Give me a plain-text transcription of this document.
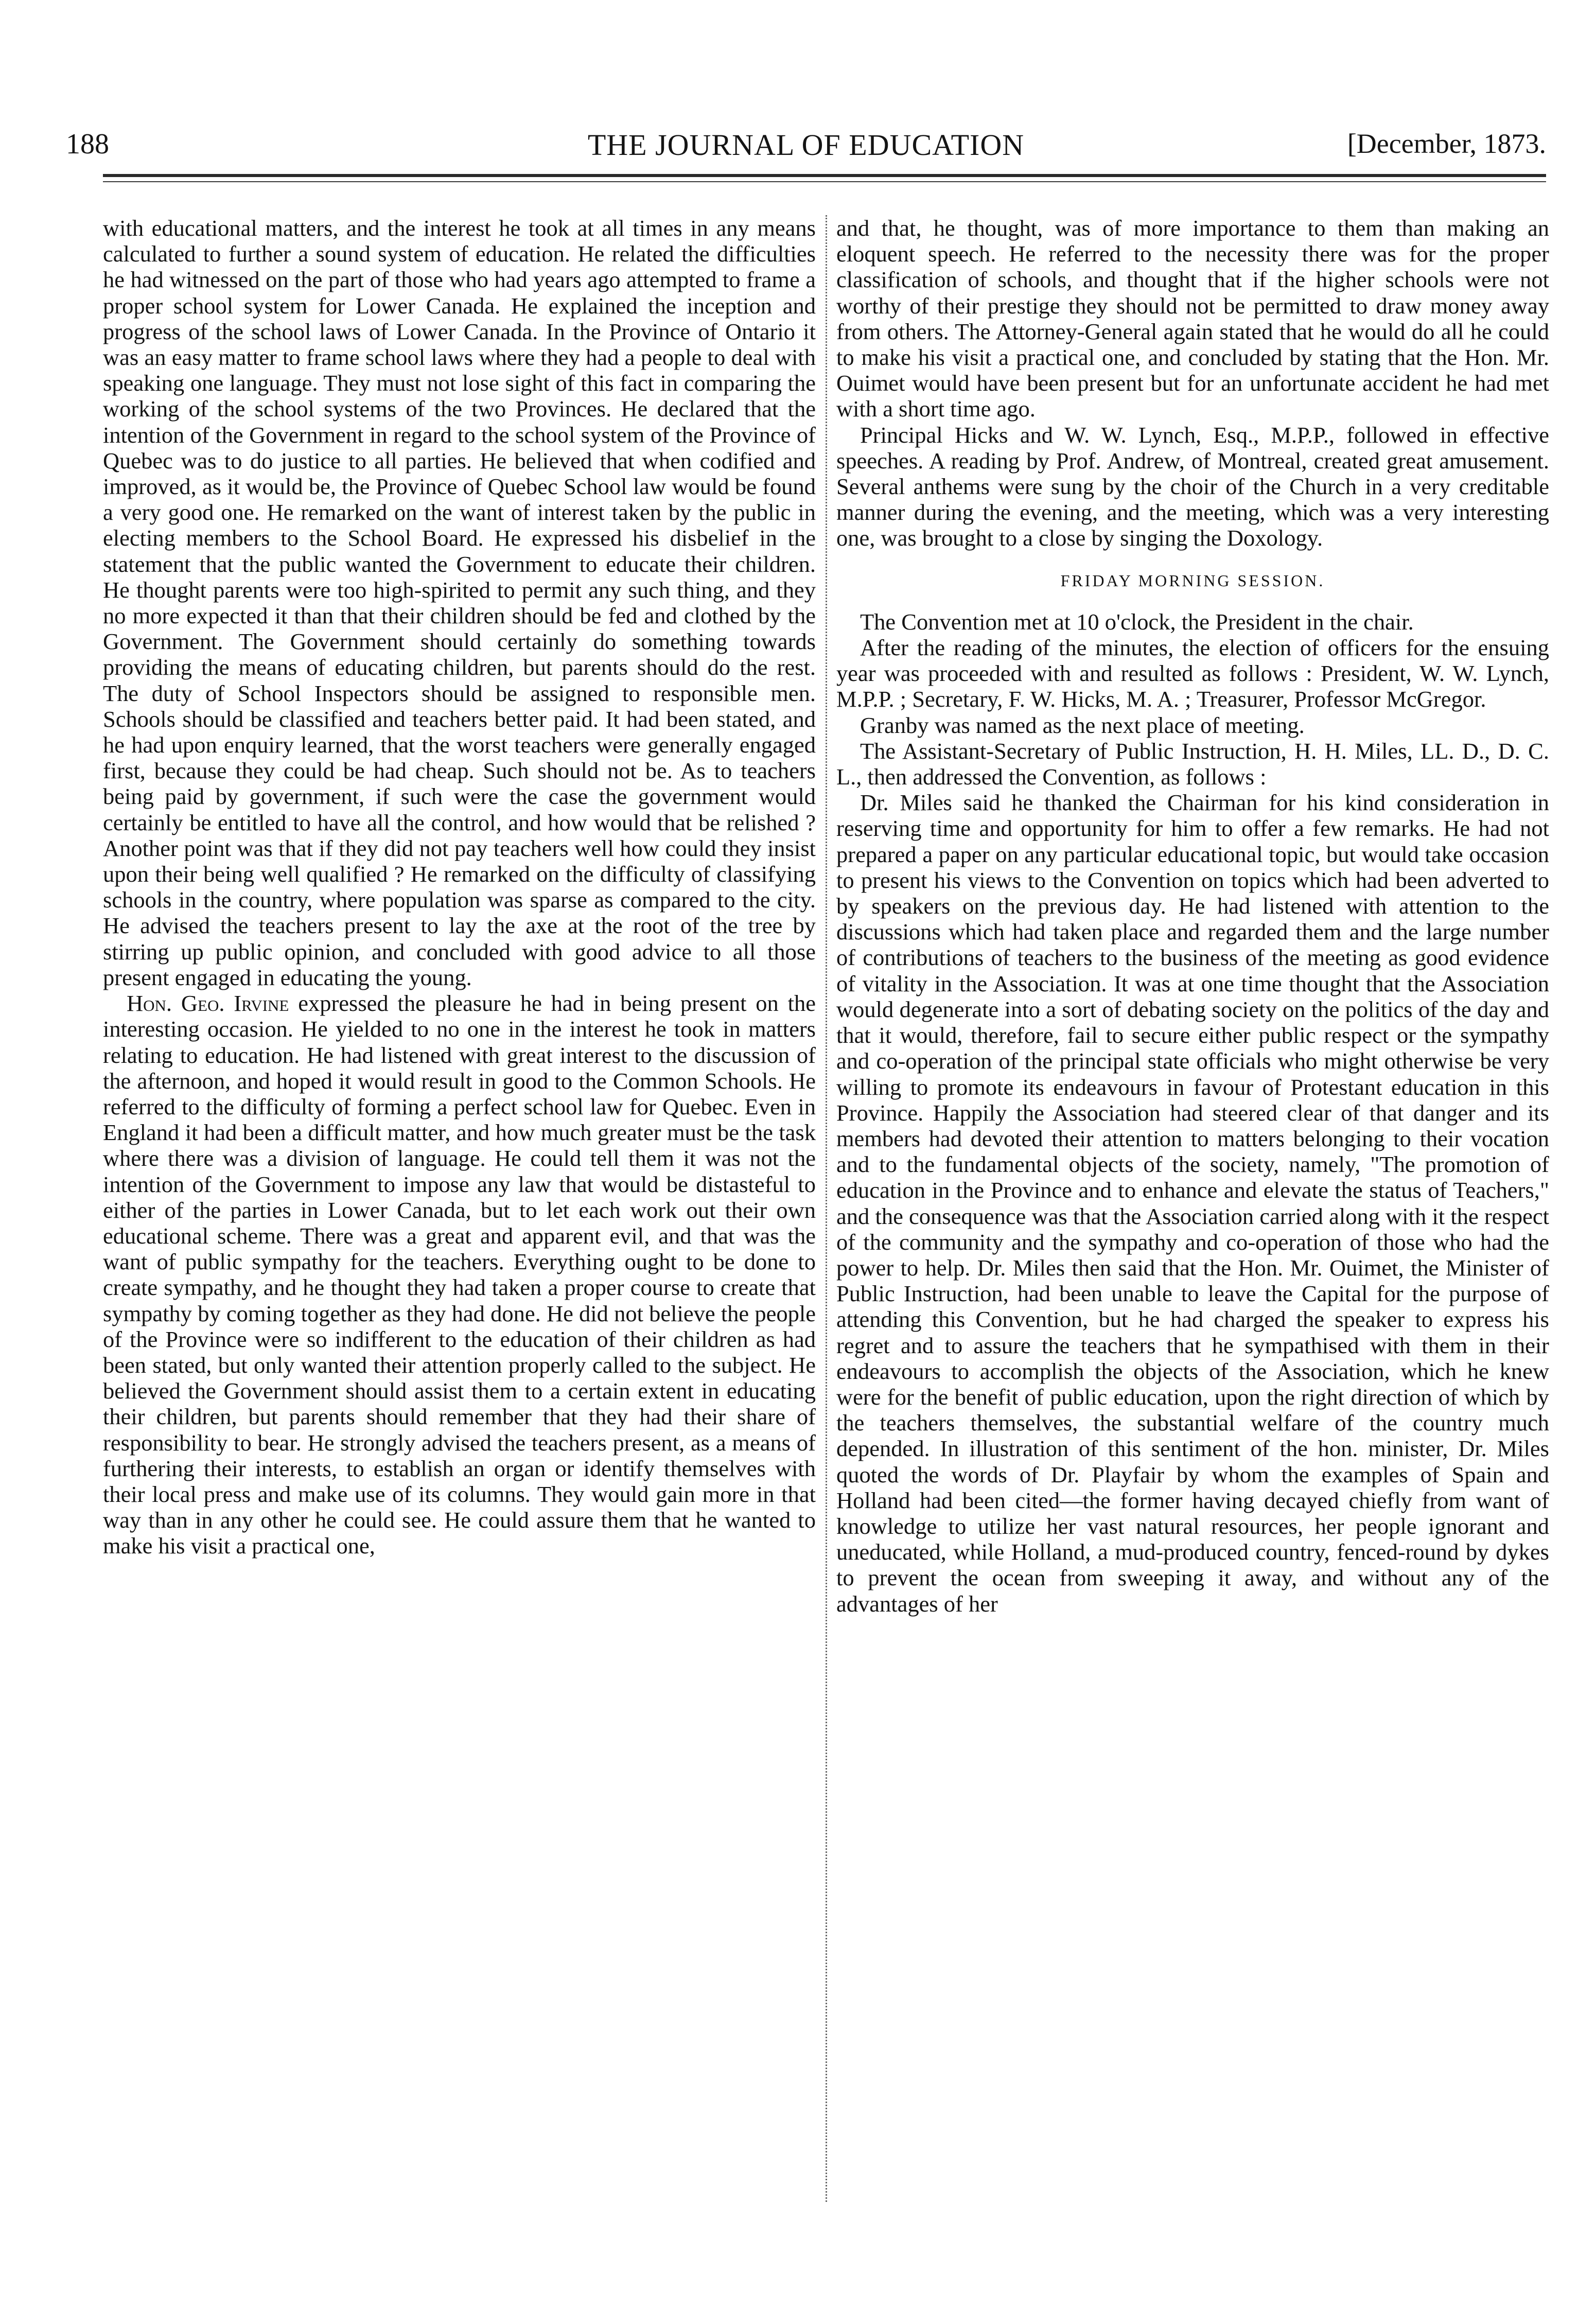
188	THE JOURNAL OF EDUCATION	[December, 1873.

with educational matters, and the interest he took at all times in any means calculated to further a sound system of education. He related the difficulties he had witnessed on the part of those who had years ago attempted to frame a proper school system for Lower Canada. He explained the inception and progress of the school laws of Lower Canada. In the Province of Ontario it was an easy matter to frame school laws where they had a people to deal with speaking one language. They must not lose sight of this fact in comparing the working of the school systems of the two Provinces. He declared that the intention of the Government in regard to the school system of the Province of Quebec was to do justice to all parties. He believed that when codified and improved, as it would be, the Province of Quebec School law would be found a very good one. He remarked on the want of interest taken by the public in electing members to the School Board. He expressed his disbelief in the statement that the public wanted the Government to educate their children. He thought parents were too high-spirited to permit any such thing, and they no more expected it than that their children should be fed and clothed by the Government. The Government should certainly do something towards providing the means of educating children, but parents should do the rest. The duty of School Inspectors should be assigned to responsible men. Schools should be classified and teachers better paid. It had been stated, and he had upon enquiry learned, that the worst teachers were generally engaged first, because they could be had cheap. Such should not be. As to teachers being paid by government, if such were the case the government would certainly be entitled to have all the control, and how would that be relished ? Another point was that if they did not pay teachers well how could they insist upon their being well qualified ? He remarked on the difficulty of classifying schools in the country, where population was sparse as compared to the city. He advised the teachers present to lay the axe at the root of the tree by stirring up public opinion, and concluded with good advice to all those present engaged in educating the young.

Hon. Geo. Irvine expressed the pleasure he had in being present on the interesting occasion. He yielded to no one in the interest he took in matters relating to education. He had listened with great interest to the discussion of the afternoon, and hoped it would result in good to the Common Schools. He referred to the difficulty of forming a perfect school law for Quebec. Even in England it had been a difficult matter, and how much greater must be the task where there was a division of language. He could tell them it was not the intention of the Government to impose any law that would be distasteful to either of the parties in Lower Canada, but to let each work out their own educational scheme. There was a great and apparent evil, and that was the want of public sympathy for the teachers. Everything ought to be done to create sympathy, and he thought they had taken a proper course to create that sympathy by coming together as they had done. He did not believe the people of the Province were so indifferent to the education of their children as had been stated, but only wanted their attention properly called to the subject. He believed the Government should assist them to a certain extent in educating their children, but parents should remember that they had their share of responsibility to bear. He strongly advised the teachers present, as a means of furthering their interests, to establish an organ or identify themselves with their local press and make use of its columns. They would gain more in that way than in any other he could see. He could assure them that he wanted to make his visit a practical one,

and that, he thought, was of more importance to them than making an eloquent speech. He referred to the necessity there was for the proper classification of schools, and thought that if the higher schools were not worthy of their prestige they should not be permitted to draw money away from others. The Attorney-General again stated that he would do all he could to make his visit a practical one, and concluded by stating that the Hon. Mr. Ouimet would have been present but for an unfortunate accident he had met with a short time ago.

Principal Hicks and W. W. Lynch, Esq., M.P.P., followed in effective speeches. A reading by Prof. Andrew, of Montreal, created great amusement. Several anthems were sung by the choir of the Church in a very creditable manner during the evening, and the meeting, which was a very interesting one, was brought to a close by singing the Doxology.

FRIDAY MORNING SESSION.

The Convention met at 10 o'clock, the President in the chair.

After the reading of the minutes, the election of officers for the ensuing year was proceeded with and resulted as follows : President, W. W. Lynch, M.P.P. ; Secretary, F. W. Hicks, M. A. ; Treasurer, Professor McGregor.

Granby was named as the next place of meeting.

The Assistant-Secretary of Public Instruction, H. H. Miles, LL. D., D. C. L., then addressed the Convention, as follows :

Dr. Miles said he thanked the Chairman for his kind consideration in reserving time and opportunity for him to offer a few remarks. He had not prepared a paper on any particular educational topic, but would take occasion to present his views to the Convention on topics which had been adverted to by speakers on the previous day. He had listened with attention to the discussions which had taken place and regarded them and the large number of contributions of teachers to the business of the meeting as good evidence of vitality in the Association. It was at one time thought that the Association would degenerate into a sort of debating society on the politics of the day and that it would, therefore, fail to secure either public respect or the sympathy and co-operation of the principal state officials who might otherwise be very willing to promote its endeavours in favour of Protestant education in this Province. Happily the Association had steered clear of that danger and its members had devoted their attention to matters belonging to their vocation and to the fundamental objects of the society, namely, "The promotion of education in the Province and to enhance and elevate the status of Teachers," and the consequence was that the Association carried along with it the respect of the community and the sympathy and co-operation of those who had the power to help. Dr. Miles then said that the Hon. Mr. Ouimet, the Minister of Public Instruction, had been unable to leave the Capital for the purpose of attending this Convention, but he had charged the speaker to express his regret and to assure the teachers that he sympathised with them in their endeavours to accomplish the objects of the Association, which he knew were for the benefit of public education, upon the right direction of which by the teachers themselves, the substantial welfare of the country much depended. In illustration of this sentiment of the hon. minister, Dr. Miles quoted the words of Dr. Playfair by whom the examples of Spain and Holland had been cited—the former having decayed chiefly from want of knowledge to utilize her vast natural resources, her people ignorant and uneducated, while Holland, a mud-produced country, fenced-round by dykes to prevent the ocean from sweeping it away, and without any of the advantages of her
